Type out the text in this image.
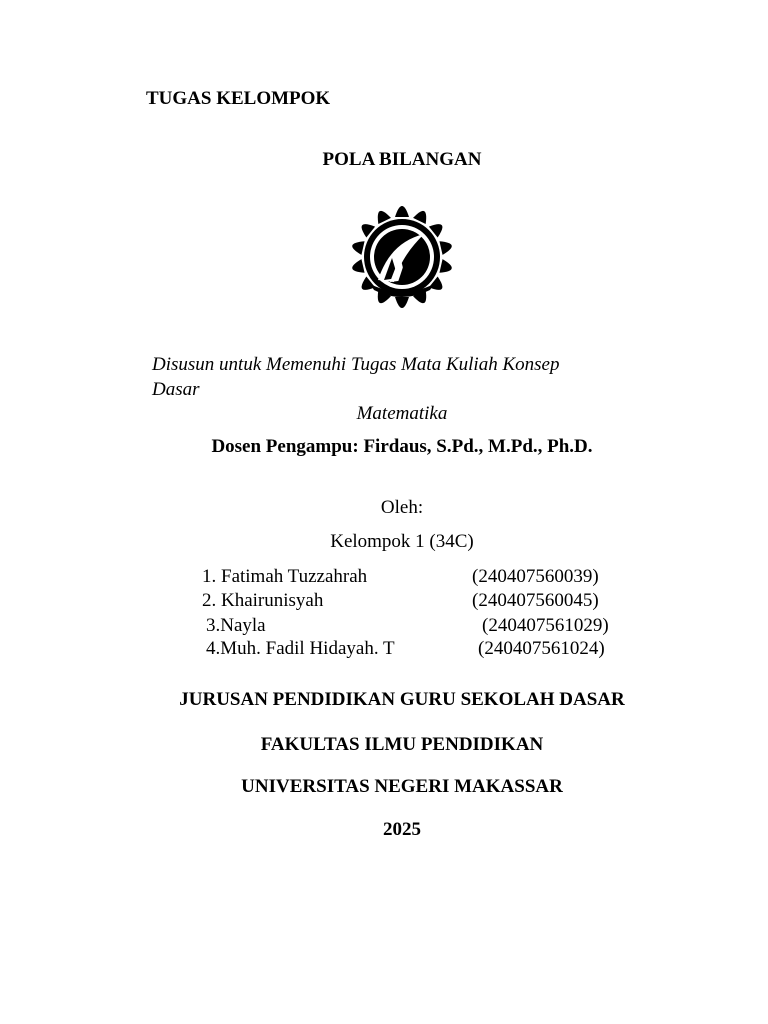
TUGAS KELOMPOK
POLA BILANGAN
Disusun untuk Memenuhi Tugas Mata Kuliah Konsep
Dasar
Matematika
Dosen Pengampu: Firdaus, S.Pd., M.Pd., Ph.D.
Oleh:
Kelompok 1 (34C)
1. Fatimah Tuzzahrah	(240407560039)
2. Khairunisyah	(240407560045)
3.Nayla	(240407561029)
4.Muh. Fadil Hidayah. T	(240407561024)
JURUSAN PENDIDIKAN GURU SEKOLAH DASAR
FAKULTAS ILMU PENDIDIKAN
UNIVERSITAS NEGERI MAKASSAR
2025
